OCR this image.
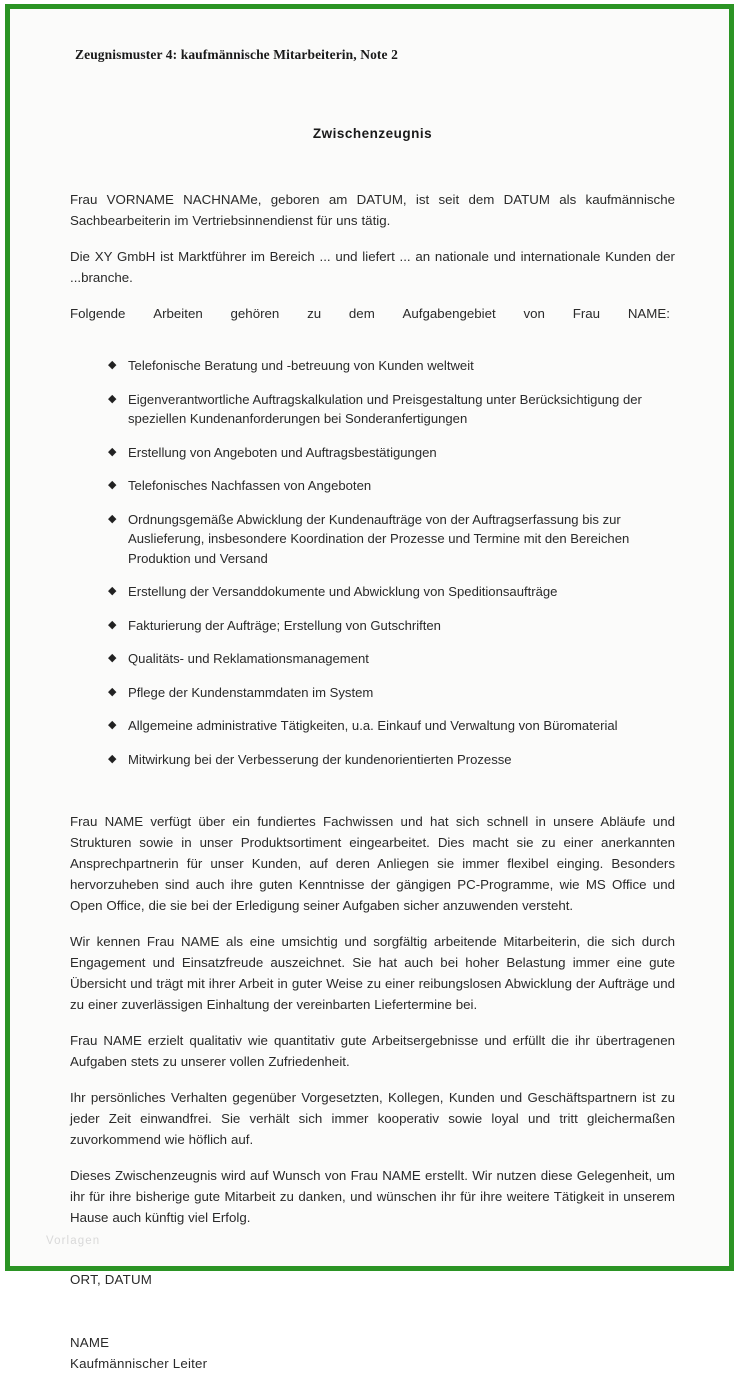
Zeugnismuster 4: kaufmännische Mitarbeiterin, Note 2
Zwischenzeugnis

Frau VORNAME NACHNAMe, geboren am DATUM, ist seit dem DATUM als kaufmännische Sachbearbeiterin im Vertriebsinnendienst für uns tätig.

Die XY GmbH ist Marktführer im Bereich ... und liefert ... an nationale und internationale Kunden der ...branche.

Folgende Arbeiten gehören zu dem Aufgabengebiet von Frau NAME:

◆
Telefonische Beratung und -betreuung von Kunden weltweit
◆
Eigenverantwortliche Auftragskalkulation und Preisgestaltung unter Berücksichtigung der speziellen Kundenanforderungen bei Sonderanfertigungen
◆
Erstellung von Angeboten und Auftragsbestätigungen
◆
Telefonisches Nachfassen von Angeboten
◆
Ordnungsgemäße Abwicklung der Kundenaufträge von der Auftragserfassung bis zur Auslieferung, insbesondere Koordination der Prozesse und Termine mit den Bereichen Produktion und Versand
◆
Erstellung der Versanddokumente und Abwicklung von Speditionsaufträge
◆
Fakturierung der Aufträge; Erstellung von Gutschriften
◆
Qualitäts- und Reklamationsmanagement
◆
Pflege der Kundenstammdaten im System
◆
Allgemeine administrative Tätigkeiten, u.a. Einkauf und Verwaltung von Büromaterial
◆
Mitwirkung bei der Verbesserung der kundenorientierten Prozesse

Frau NAME verfügt über ein fundiertes Fachwissen und hat sich schnell in unsere Abläufe und Strukturen sowie in unser Produktsortiment eingearbeitet. Dies macht sie zu einer anerkannten Ansprechpartnerin für unser Kunden, auf deren Anliegen sie immer flexibel einging. Besonders hervorzuheben sind auch ihre guten Kenntnisse der gängigen PC-Programme, wie MS Office und Open Office, die sie bei der Erledigung seiner Aufgaben sicher anzuwenden versteht.

Wir kennen Frau NAME als eine umsichtig und sorgfältig arbeitende Mitarbeiterin, die sich durch Engagement und Einsatzfreude auszeichnet. Sie hat auch bei hoher Belastung immer eine gute Übersicht und trägt mit ihrer Arbeit in guter Weise zu einer reibungslosen Abwicklung der Aufträge und zu einer zuverlässigen Einhaltung der vereinbarten Liefertermine bei.

Frau NAME erzielt qualitativ wie quantitativ gute Arbeitsergebnisse und erfüllt die ihr übertragenen Aufgaben stets zu unserer vollen Zufriedenheit.

Ihr persönliches Verhalten gegenüber Vorgesetzten, Kollegen, Kunden und Geschäftspartnern ist zu jeder Zeit einwandfrei. Sie verhält sich immer kooperativ sowie loyal und tritt gleichermaßen zuvorkommend wie höflich auf.

Dieses Zwischenzeugnis wird auf Wunsch von Frau NAME erstellt. Wir nutzen diese Gelegenheit, um ihr für ihre bisherige gute Mitarbeit zu danken, und wünschen ihr für ihre weitere Tätigkeit in unserem Hause auch künftig viel Erfolg.

ORT, DATUM

NAME

Kaufmännischer Leiter

Vorlagen
